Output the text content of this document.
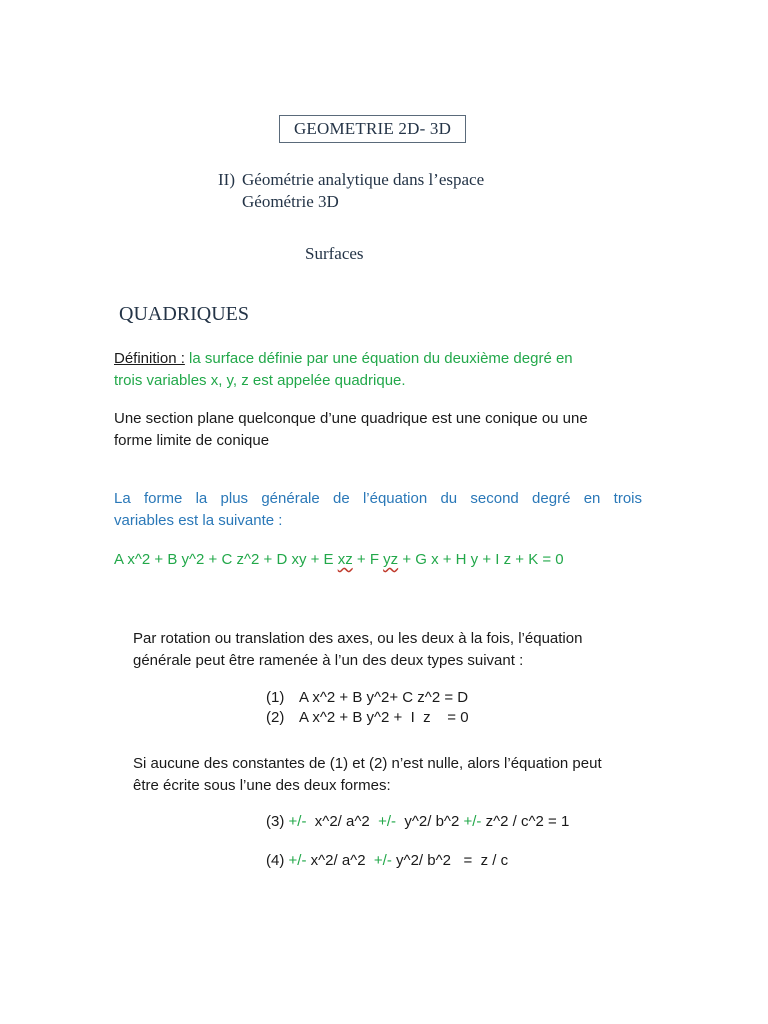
GEOMETRIE 2D- 3D
II) Géométrie analytique dans l’espace
Géométrie 3D
Surfaces
QUADRIQUES
Définition : la surface définie par une équation du deuxième degré en
trois variables x, y, z est appelée quadrique.
Une section plane quelconque d’une quadrique est une conique ou une
forme limite de conique
La forme la plus générale de l’équation du second degré en trois
variables est la suivante :
A x^2 + B y^2 + C z^2 + D xy + E xz + F yz + G x + H y + I z + K = 0
Par rotation ou translation des axes, ou les deux à la fois, l’équation
générale peut être ramenée à l’un des deux types suivant :
(1) A x^2 + B y^2+ C z^2 = D
(2) A x^2 + B y^2 +  I  z    = 0
Si aucune des constantes de (1) et (2) n’est nulle, alors l’équation peut
être écrite sous l’une des deux formes:
(3) +/- x^2/ a^2 +/- y^2/ b^2 +/- z^2 / c^2 = 1
(4) +/- x^2/ a^2 +/- y^2/ b^2   =  z / c
